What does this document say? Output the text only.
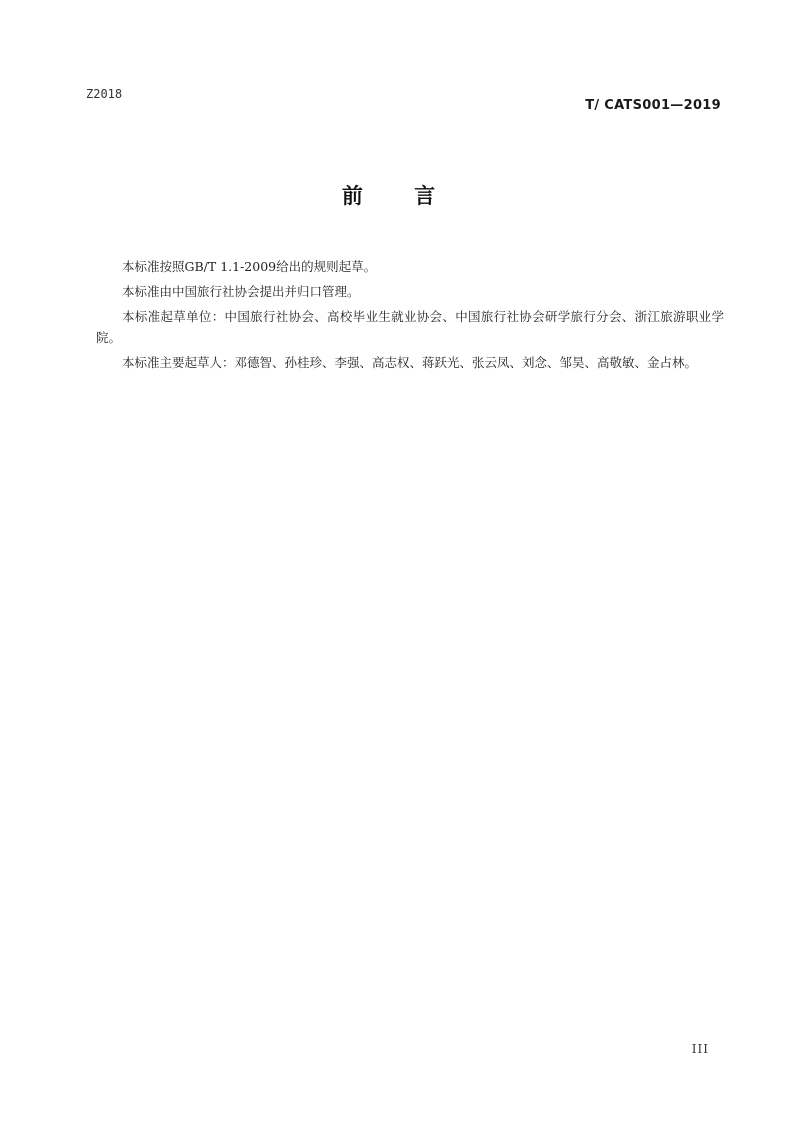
Z2018
T/ CATS001—2019
前 言

本标准按照GB/T 1.1-2009给出的规则起草。

本标准由中国旅行社协会提出并归口管理。

本标准起草单位：中国旅行社协会、高校毕业生就业协会、中国旅行社协会研学旅行分会、浙江旅游职业学院。

本标准主要起草人：邓德智、孙桂珍、李强、高志权、蒋跃光、张云凤、刘念、邹昊、高敬敏、金占林。

III
